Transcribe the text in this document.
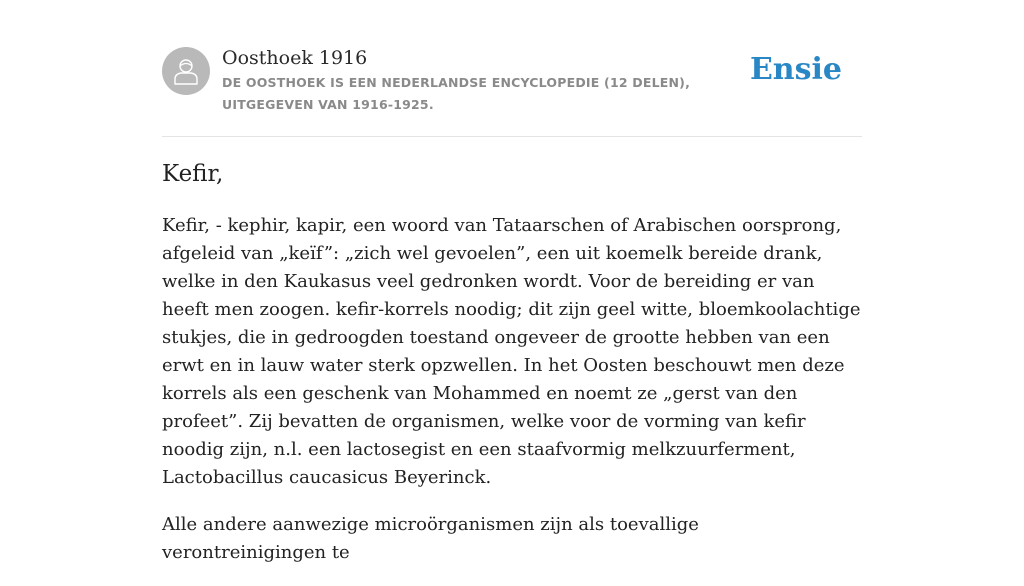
Oosthoek 1916
DE OOSTHOEK IS EEN NEDERLANDSE ENCYCLOPEDIE (12 DELEN), UITGEGEVEN VAN 1916-1925.
Ensie
Kefir,

Kefir, - kephir, kapir, een woord van Tataarschen of Arabischen oorsprong, afgeleid van „keïf”: „zich wel gevoelen”, een uit koemelk bereide drank, welke in den Kaukasus veel gedronken wordt. Voor de bereiding er van heeft men zoogen. kefir-korrels noodig; dit zijn geel witte, bloemkoolachtige stukjes, die in gedroogden toestand ongeveer de grootte hebben van een erwt en in lauw water sterk opzwellen. In het Oosten beschouwt men deze korrels als een geschenk van Mohammed en noemt ze „gerst van den profeet”. Zij bevatten de organismen, welke voor de vorming van kefir noodig zijn, n.l. een lactosegist en een staafvormig melkzuurferment, Lactobacillus caucasicus Beyerinck.

Alle andere aanwezige microörganismen zijn als toevallige verontreinigingen te
